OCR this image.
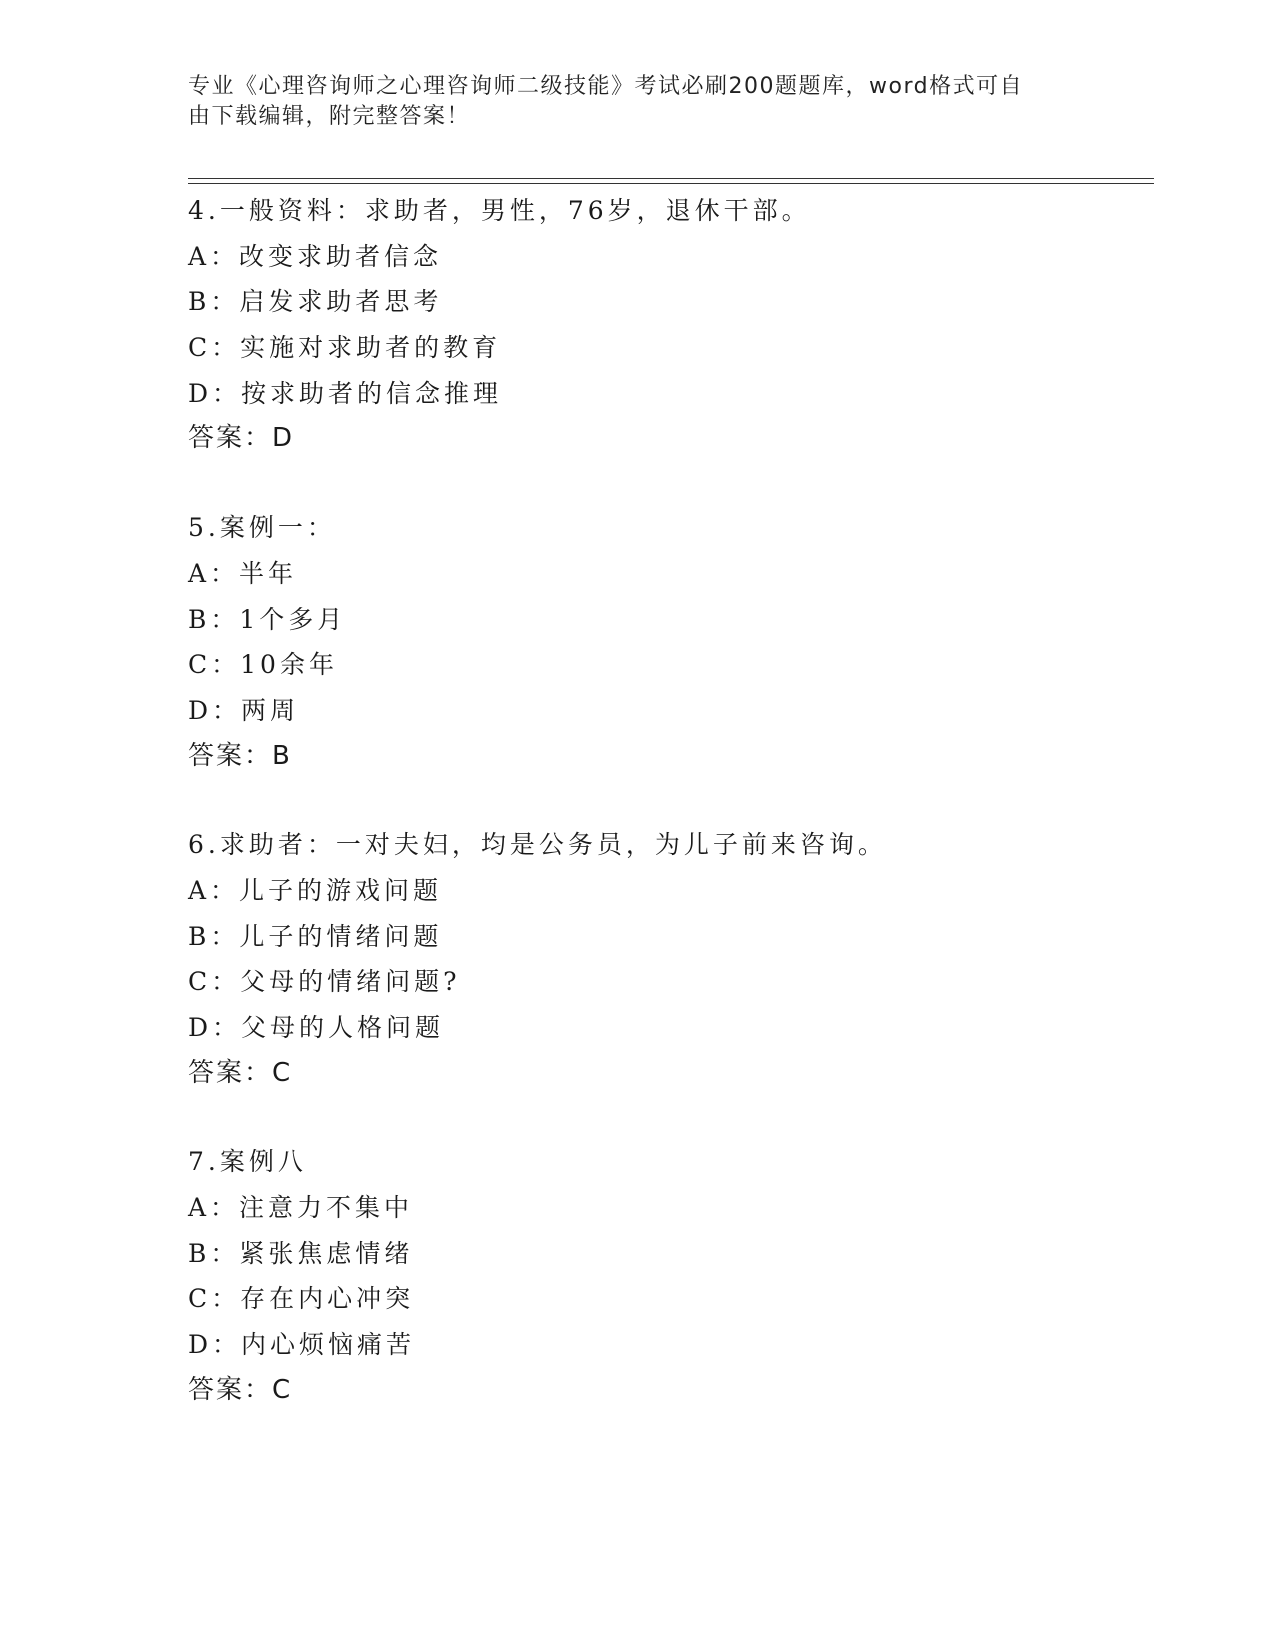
专业《心理咨询师之心理咨询师二级技能》考试必刷200题题库，word格式可自
由下载编辑，附完整答案！
4.一般资料：求助者，男性，76岁，退休干部。
A：改变求助者信念
B：启发求助者思考
C：实施对求助者的教育
D：按求助者的信念推理
答案：D
5.案例一：
A：半年
B：1个多月
C：10余年
D：两周
答案：B
6.求助者：一对夫妇，均是公务员，为儿子前来咨询。
A：儿子的游戏问题
B：儿子的情绪问题
C：父母的情绪问题?
D：父母的人格问题
答案：C
7.案例八
A：注意力不集中
B：紧张焦虑情绪
C：存在内心冲突
D：内心烦恼痛苦
答案：C
